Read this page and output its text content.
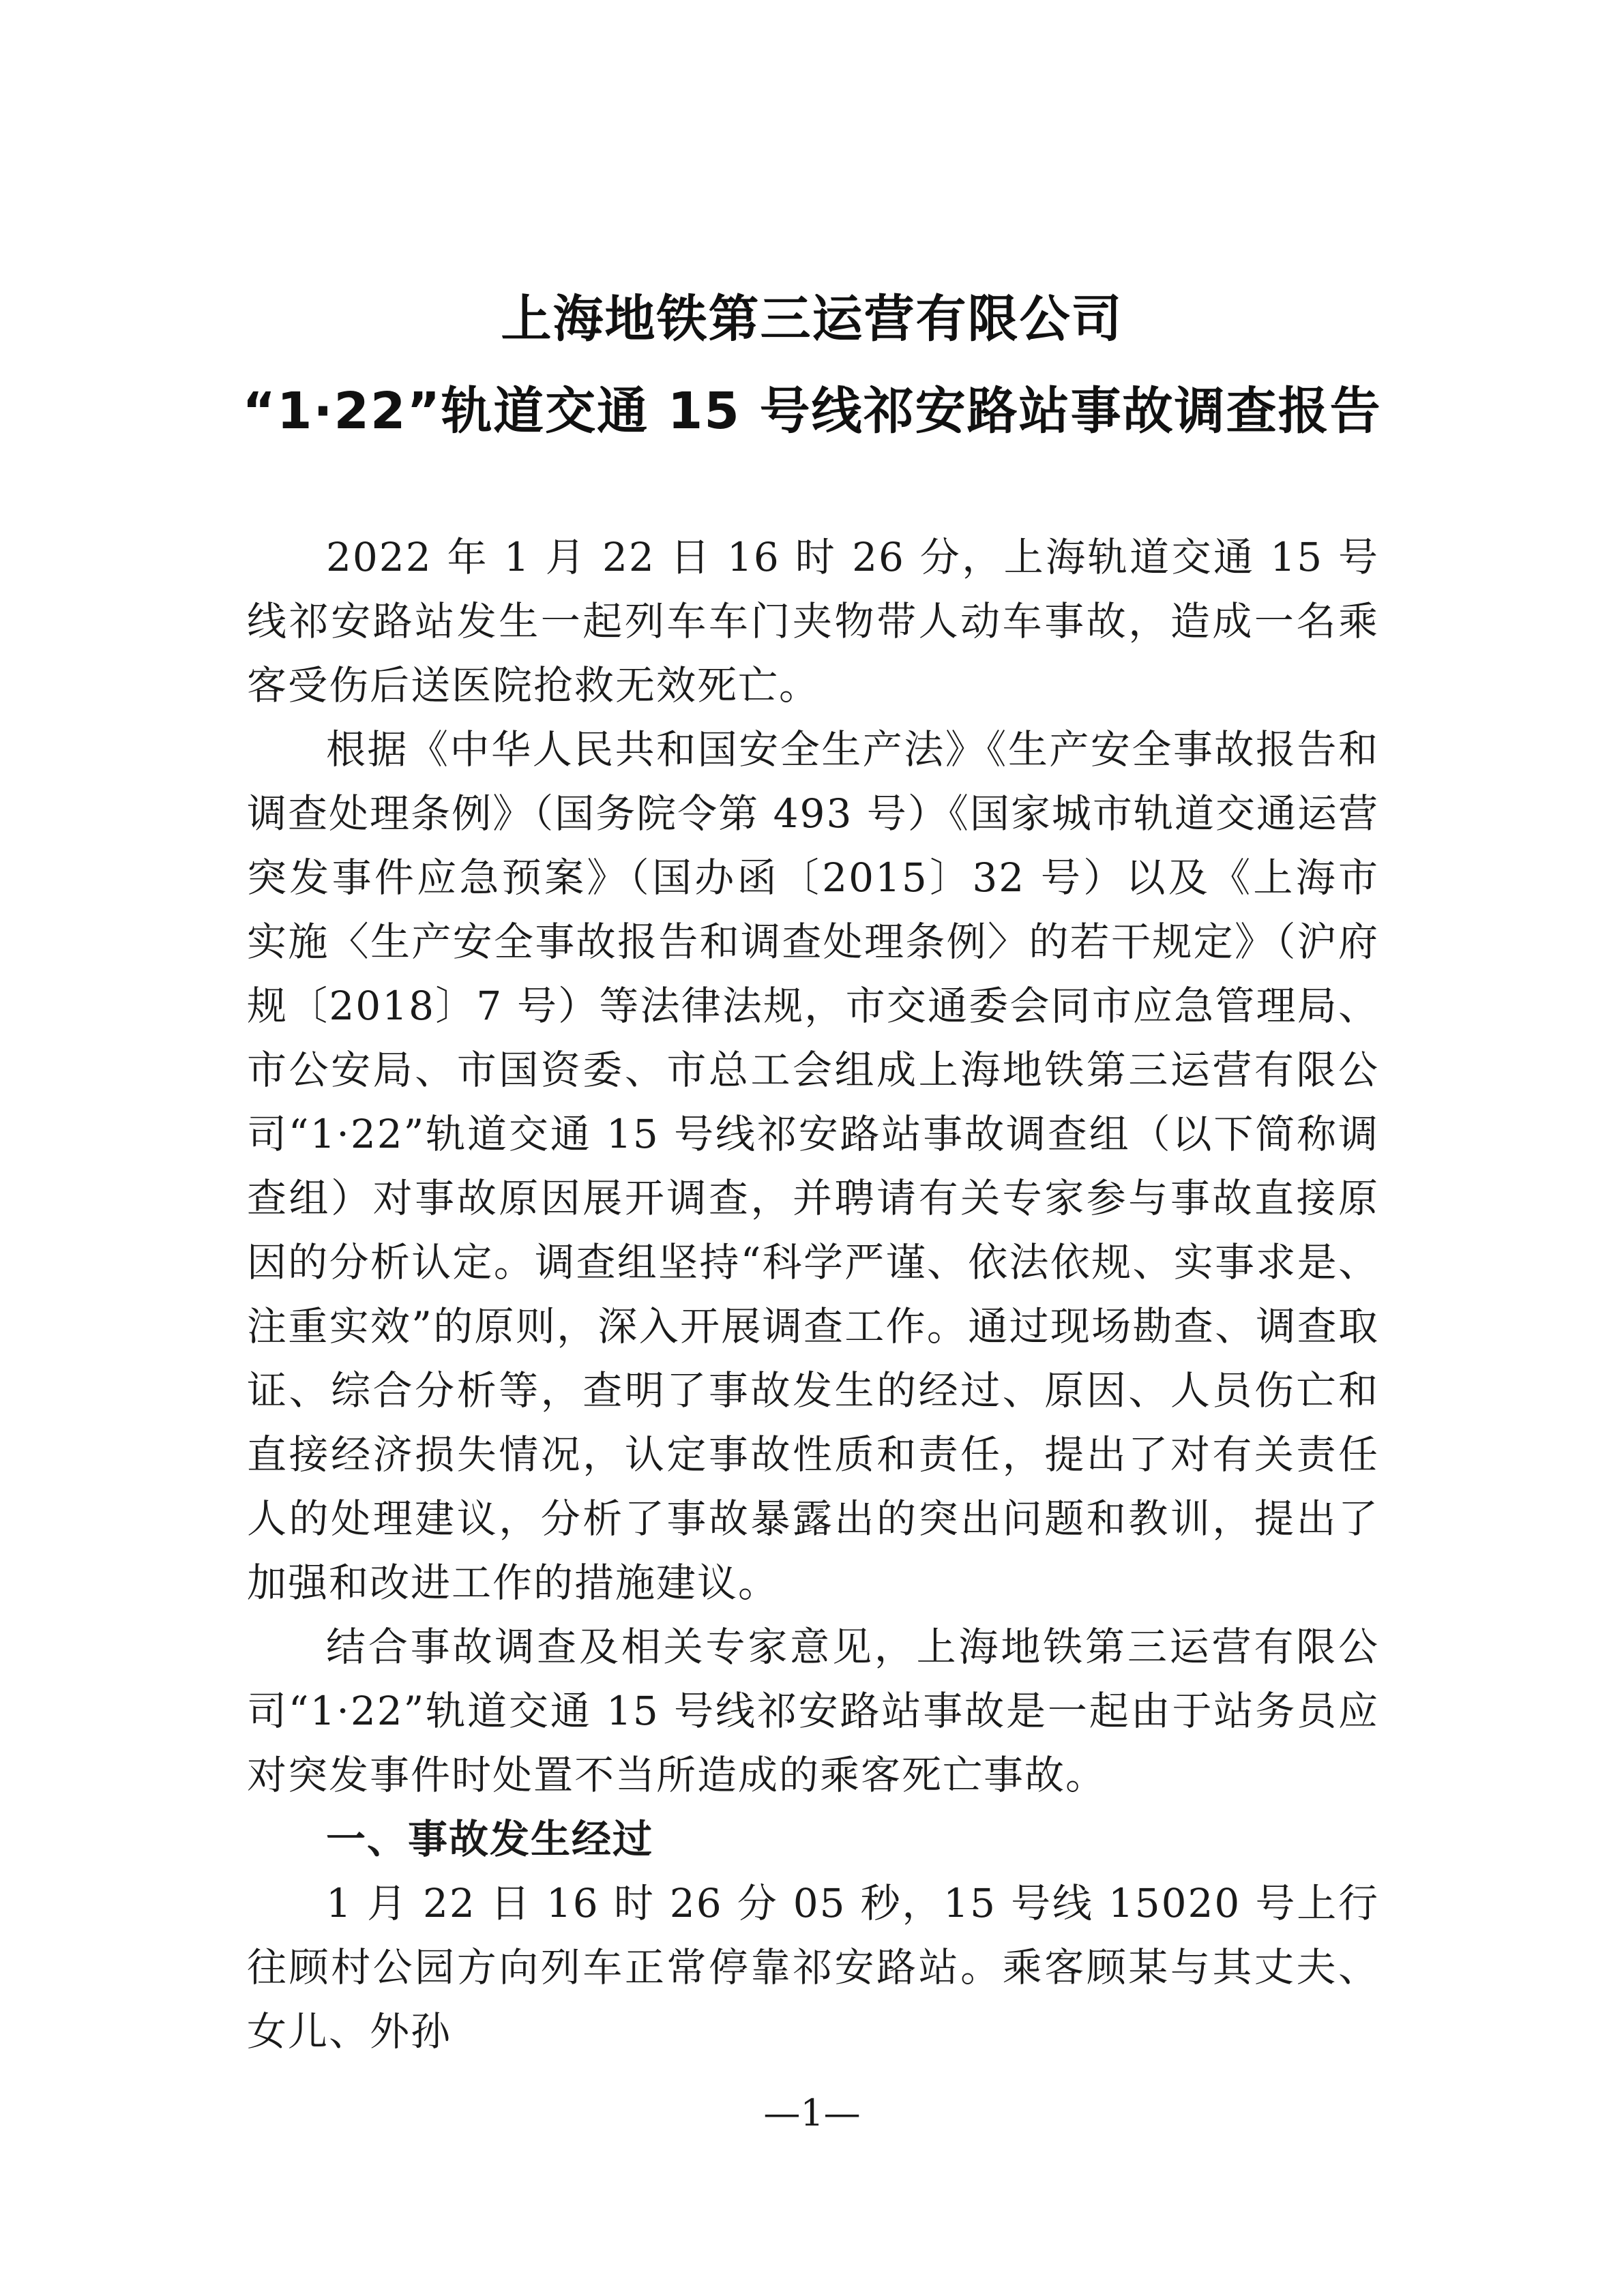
上海地铁第三运营有限公司
“1·22”轨道交通 15 号线祁安路站事故调查报告

2022 年 1 月 22 日 16 时 26 分，上海轨道交通 15 号线祁安路站发生一起列车车门夹物带人动车事故，造成一名乘客受伤后送医院抢救无效死亡。

根据《中华人民共和国安全生产法》《生产安全事故报告和调查处理条例》（国务院令第 493 号）《国家城市轨道交通运营突发事件应急预案》（国办函〔2015〕32 号）以及《上海市实施〈生产安全事故报告和调查处理条例〉的若干规定》（沪府规〔2018〕7 号）等法律法规，市交通委会同市应急管理局、市公安局、市国资委、市总工会组成上海地铁第三运营有限公司“1·22”轨道交通 15 号线祁安路站事故调查组（以下简称调查组）对事故原因展开调查，并聘请有关专家参与事故直接原因的分析认定。调查组坚持“科学严谨、依法依规、实事求是、注重实效”的原则，深入开展调查工作。通过现场勘查、调查取证、综合分析等，查明了事故发生的经过、原因、人员伤亡和直接经济损失情况，认定事故性质和责任，提出了对有关责任人的处理建议，分析了事故暴露出的突出问题和教训，提出了加强和改进工作的措施建议。

结合事故调查及相关专家意见，上海地铁第三运营有限公司“1·22”轨道交通 15 号线祁安路站事故是一起由于站务员应对突发事件时处置不当所造成的乘客死亡事故。

一、事故发生经过

1 月 22 日 16 时 26 分 05 秒，15 号线 15020 号上行往顾村公园方向列车正常停靠祁安路站。乘客顾某与其丈夫、女儿、外孙

—1—
